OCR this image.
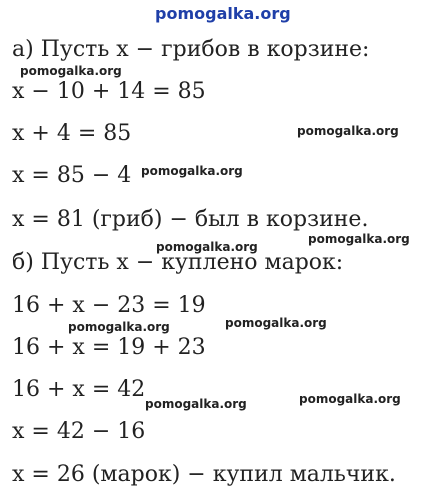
pomogalka.org
а) Пусть x − грибов в корзине:
x − 10 + 14 = 85
x + 4 = 85
x = 85 − 4
x = 81 (гриб) − был в корзине.
б) Пусть x − куплено марок:
16 + x − 23 = 19
16 + x = 19 + 23
16 + x = 42
x = 42 − 16
x = 26 (марок) − купил мальчик.
pomogalka.org
pomogalka.org
pomogalka.org
pomogalka.org
pomogalka.org
pomogalka.org
pomogalka.org
pomogalka.org
pomogalka.org
